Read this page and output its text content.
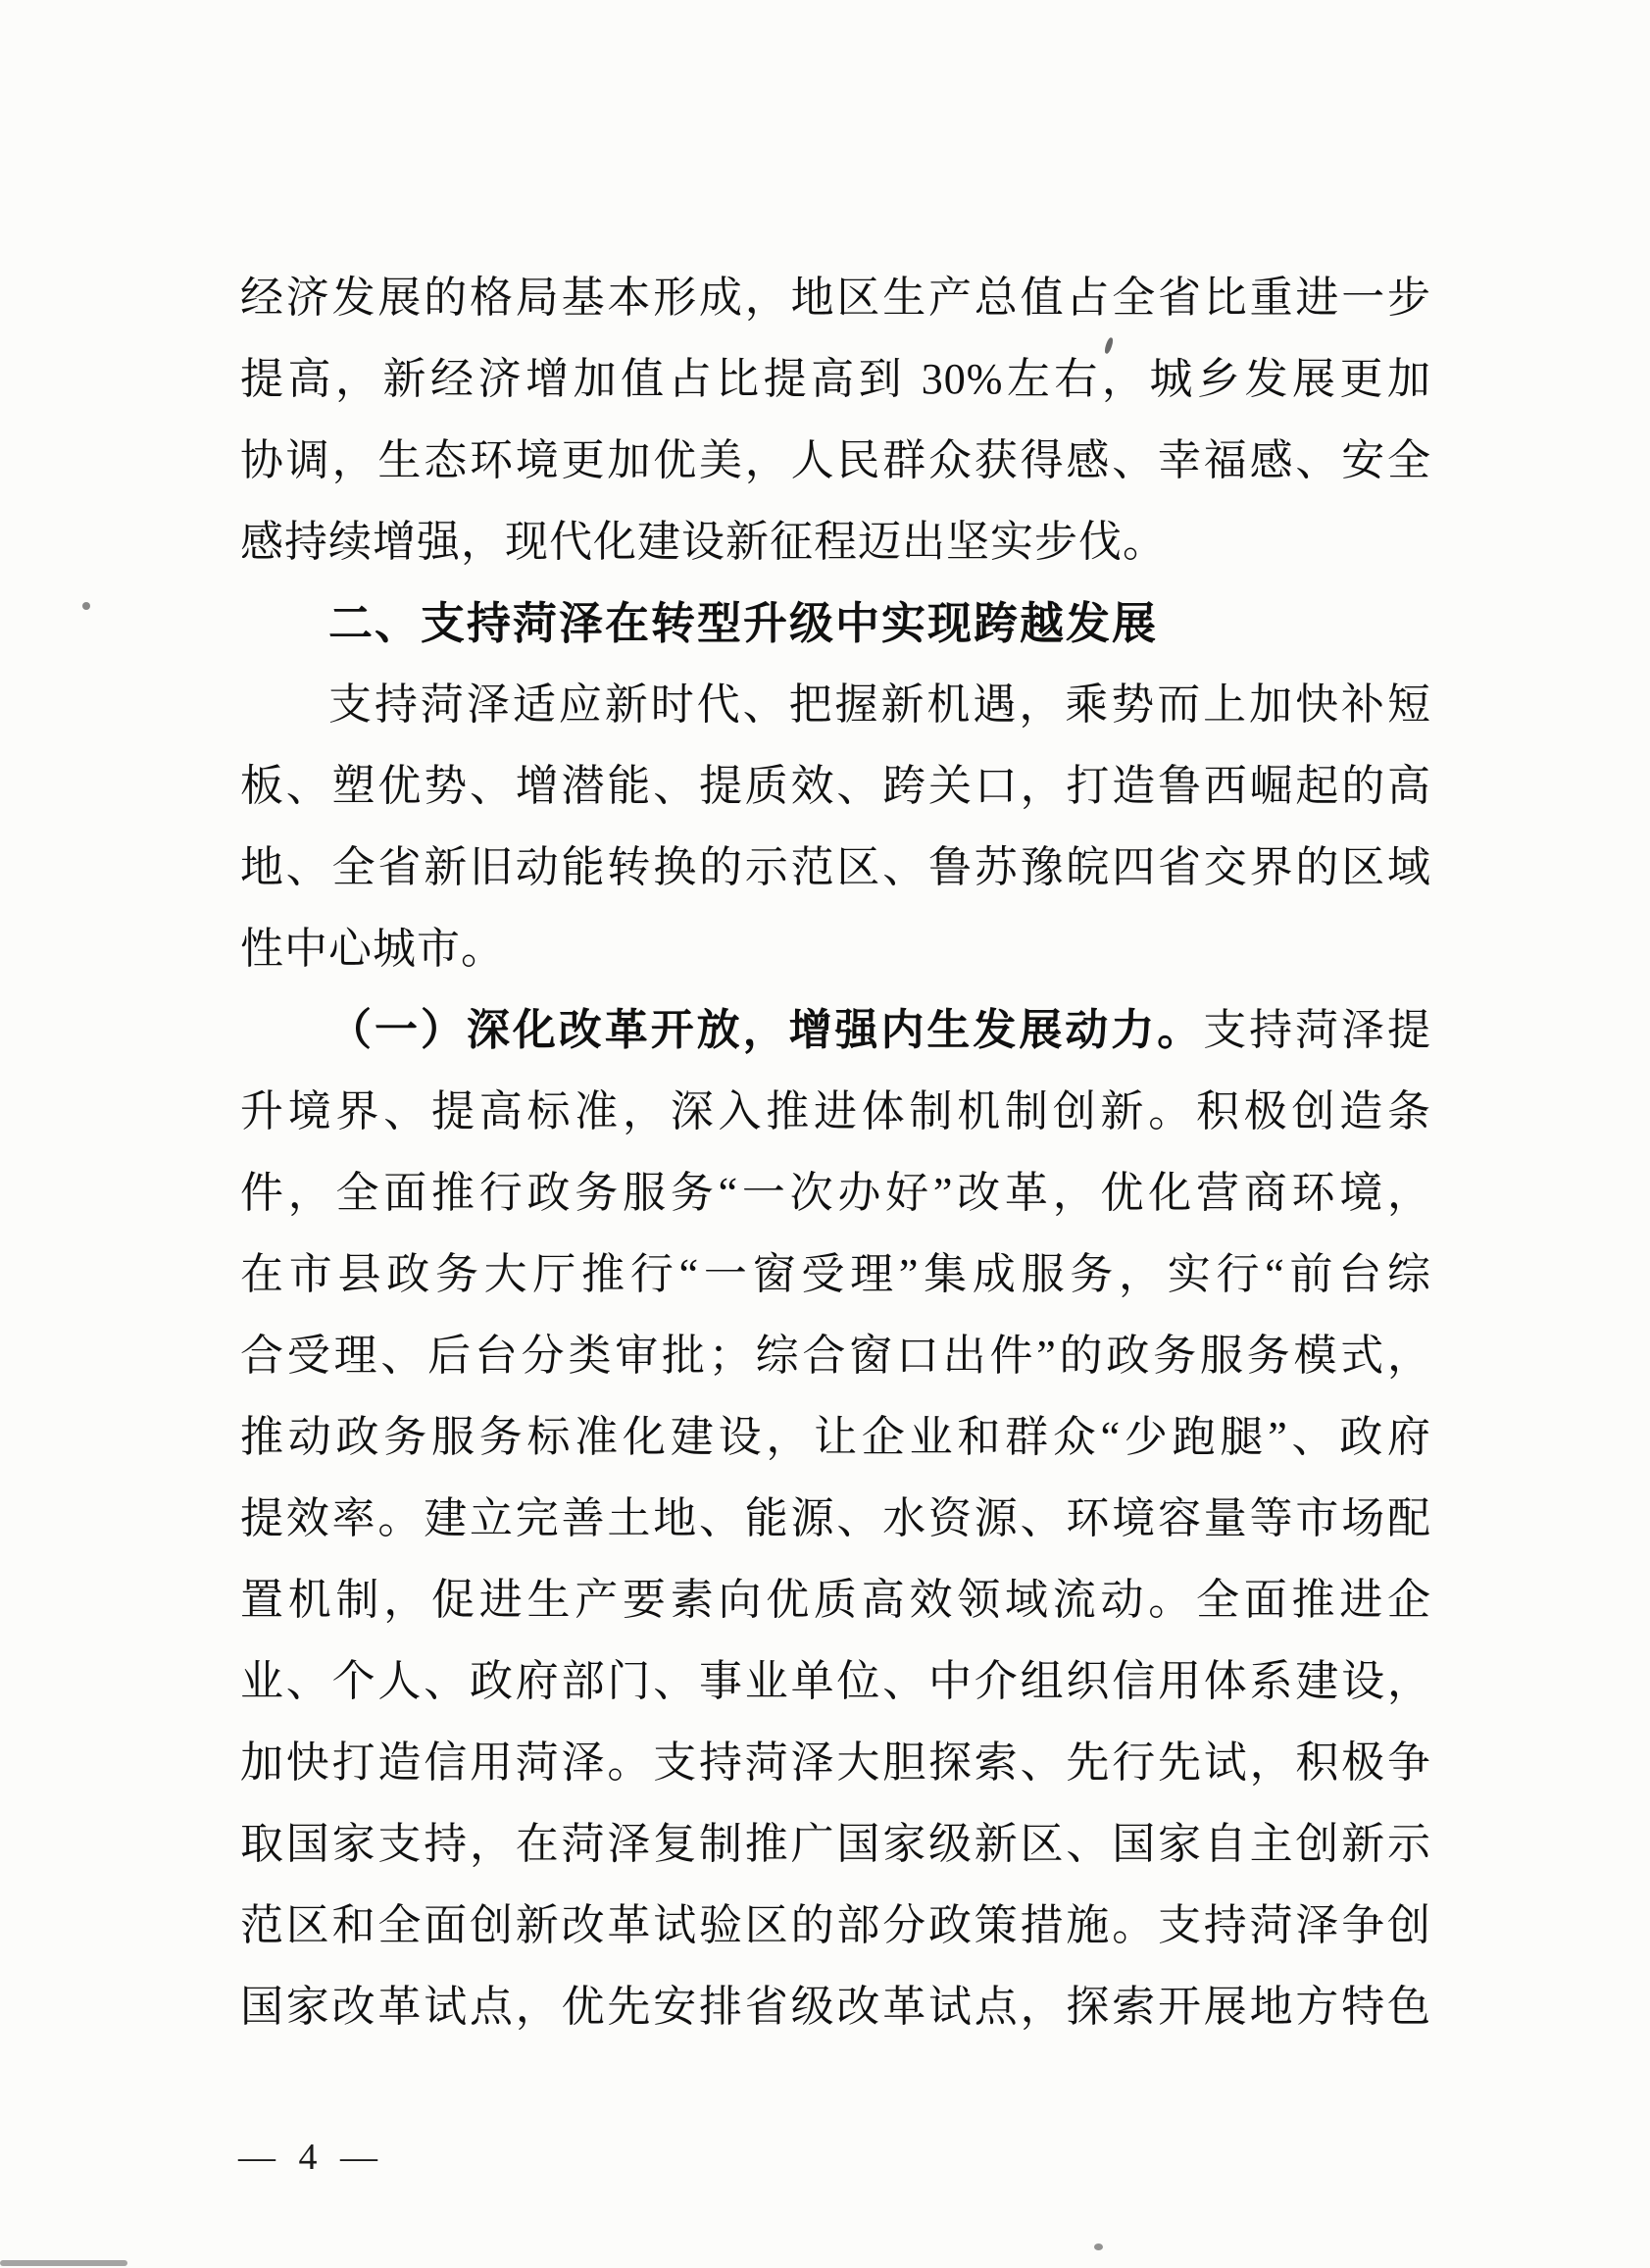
经济发展的格局基本形成，地区生产总值占全省比重进一步
提高，新经济增加值占比提高到 30%左右，城乡发展更加
协调，生态环境更加优美，人民群众获得感、幸福感、安全
感持续增强，现代化建设新征程迈出坚实步伐。
二、支持菏泽在转型升级中实现跨越发展
支持菏泽适应新时代、把握新机遇，乘势而上加快补短
板、塑优势、增潜能、提质效、跨关口，打造鲁西崛起的高
地、全省新旧动能转换的示范区、鲁苏豫皖四省交界的区域
性中心城市。
（一）深化改革开放，增强内生发展动力。支持菏泽提
升境界、提高标准，深入推进体制机制创新。积极创造条
件，全面推行政务服务“一次办好”改革，优化营商环境，
在市县政务大厅推行“一窗受理”集成服务，实行“前台综
合受理、后台分类审批；综合窗口出件”的政务服务模式，
推动政务服务标准化建设，让企业和群众“少跑腿”、政府
提效率。建立完善土地、能源、水资源、环境容量等市场配
置机制，促进生产要素向优质高效领域流动。全面推进企
业、个人、政府部门、事业单位、中介组织信用体系建设，
加快打造信用菏泽。支持菏泽大胆探索、先行先试，积极争
取国家支持，在菏泽复制推广国家级新区、国家自主创新示
范区和全面创新改革试验区的部分政策措施。支持菏泽争创
国家改革试点，优先安排省级改革试点，探索开展地方特色
— 4 —
